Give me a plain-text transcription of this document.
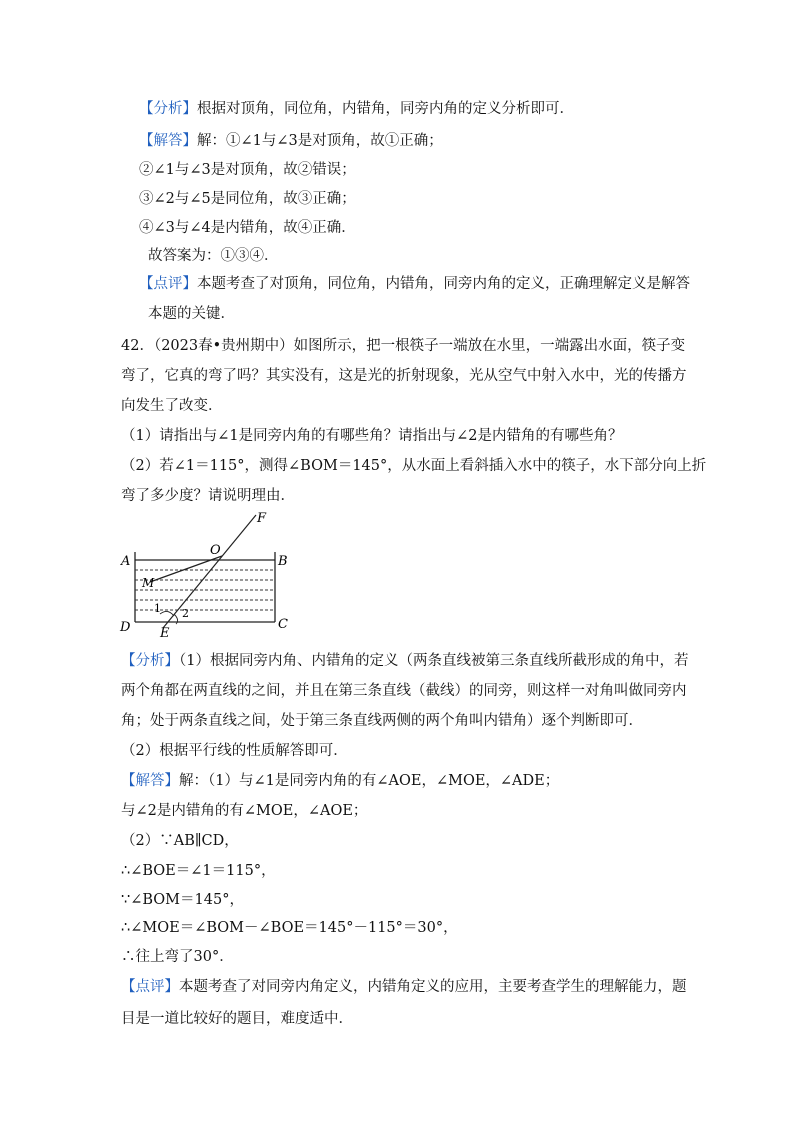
【分析】根据对顶角，同位角，内错角，同旁内角的定义分析即可．
【解答】解：①∠1与∠3是对顶角，故①正确；
②∠1与∠3是对顶角，故②错误；
③∠2与∠5是同位角，故③正确；
④∠3与∠4是内错角，故④正确．
故答案为：①③④．
【点评】本题考查了对顶角，同位角，内错角，同旁内角的定义，正确理解定义是解答
本题的关键．
42．（2023春•贵州期中）如图所示，把一根筷子一端放在水里，一端露出水面，筷子变
弯了，它真的弯了吗？其实没有，这是光的折射现象，光从空气中射入水中，光的传播方
向发生了改变．
（1）请指出与∠1是同旁内角的有哪些角？请指出与∠2是内错角的有哪些角？
（2）若∠1＝115°，测得∠BOM＝145°，从水面上看斜插入水中的筷子，水下部分向上折
弯了多少度？请说明理由．
A	B
C
D E
F
O
M
1 2
【分析】（1）根据同旁内角、内错角的定义（两条直线被第三条直线所截形成的角中，若
两个角都在两直线的之间，并且在第三条直线（截线）的同旁，则这样一对角叫做同旁内
角；处于两条直线之间，处于第三条直线两侧的两个角叫内错角）逐个判断即可．
（2）根据平行线的性质解答即可．
【解答】解：（1）与∠1是同旁内角的有∠AOE，∠MOE，∠ADE；
与∠2是内错角的有∠MOE，∠AOE；
（2）∵AB∥CD，
∴∠BOE＝∠1＝115°，
∵∠BOM＝145°，
∴∠MOE＝∠BOM－∠BOE＝145°－115°＝30°，
∴往上弯了30°．
【点评】本题考查了对同旁内角定义，内错角定义的应用，主要考查学生的理解能力，题
目是一道比较好的题目，难度适中．
